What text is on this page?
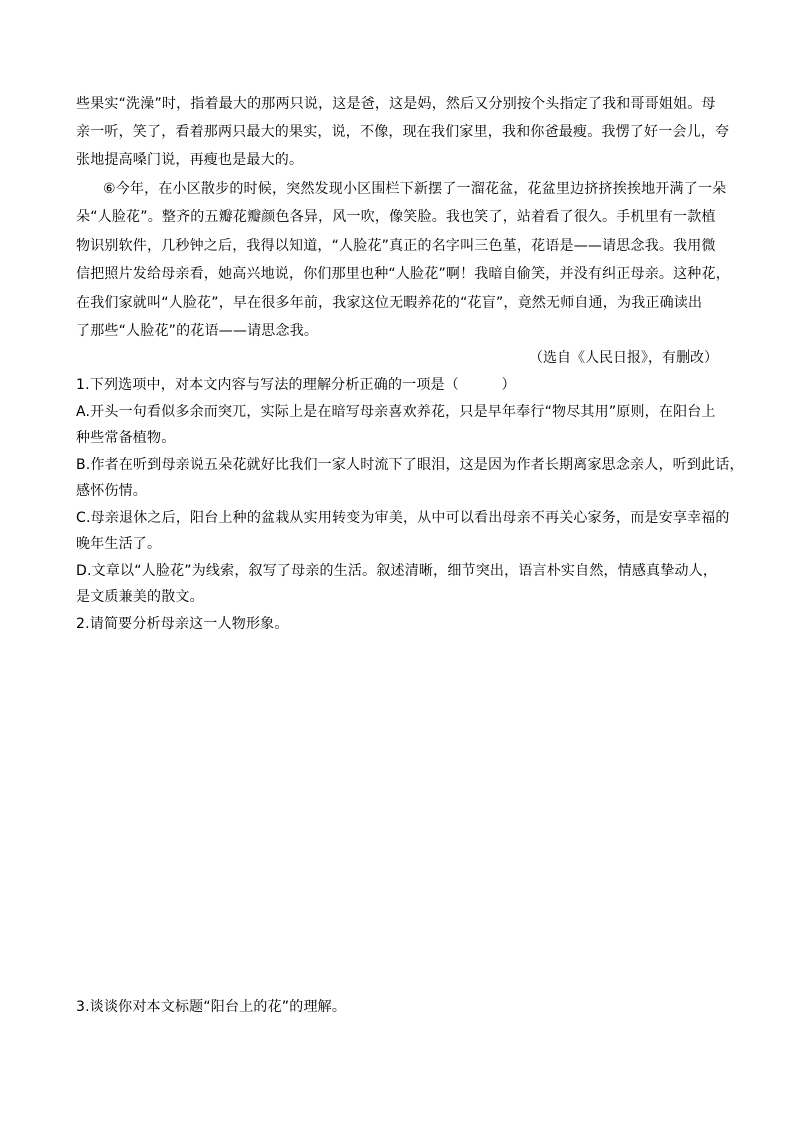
些果实“洗澡”时，指着最大的那两只说，这是爸，这是妈，然后又分别按个头指定了我和哥哥姐姐。母
亲一听，笑了，看着那两只最大的果实，说，不像，现在我们家里，我和你爸最瘦。我愣了好一会儿，夸
张地提高嗓门说，再瘦也是最大的。
⑥今年，在小区散步的时候，突然发现小区围栏下新摆了一溜花盆，花盆里边挤挤挨挨地开满了一朵
朵“人脸花”。整齐的五瓣花瓣颜色各异，风一吹，像笑脸。我也笑了，站着看了很久。手机里有一款植
物识别软件，几秒钟之后，我得以知道，“人脸花”真正的名字叫三色堇，花语是——请思念我。我用微
信把照片发给母亲看，她高兴地说，你们那里也种“人脸花”啊！我暗自偷笑，并没有纠正母亲。这种花，
在我们家就叫“人脸花”，早在很多年前，我家这位无暇养花的“花盲”，竟然无师自通，为我正确读出
了那些“人脸花”的花语——请思念我。
（选自《人民日报》，有删改）
1.下列选项中，对本文内容与写法的理解分析正确的一项是（　　　）
A.开头一句看似多余而突兀，实际上是在暗写母亲喜欢养花，只是早年奉行“物尽其用”原则，在阳台上
种些常备植物。
B.作者在听到母亲说五朵花就好比我们一家人时流下了眼泪，这是因为作者长期离家思念亲人，听到此话，
感怀伤情。
C.母亲退休之后，阳台上种的盆栽从实用转变为审美，从中可以看出母亲不再关心家务，而是安享幸福的
晚年生活了。
D.文章以“人脸花”为线索，叙写了母亲的生活。叙述清晰，细节突出，语言朴实自然，情感真挚动人，
是文质兼美的散文。
2.请简要分析母亲这一人物形象。
3.谈谈你对本文标题“阳台上的花”的理解。
